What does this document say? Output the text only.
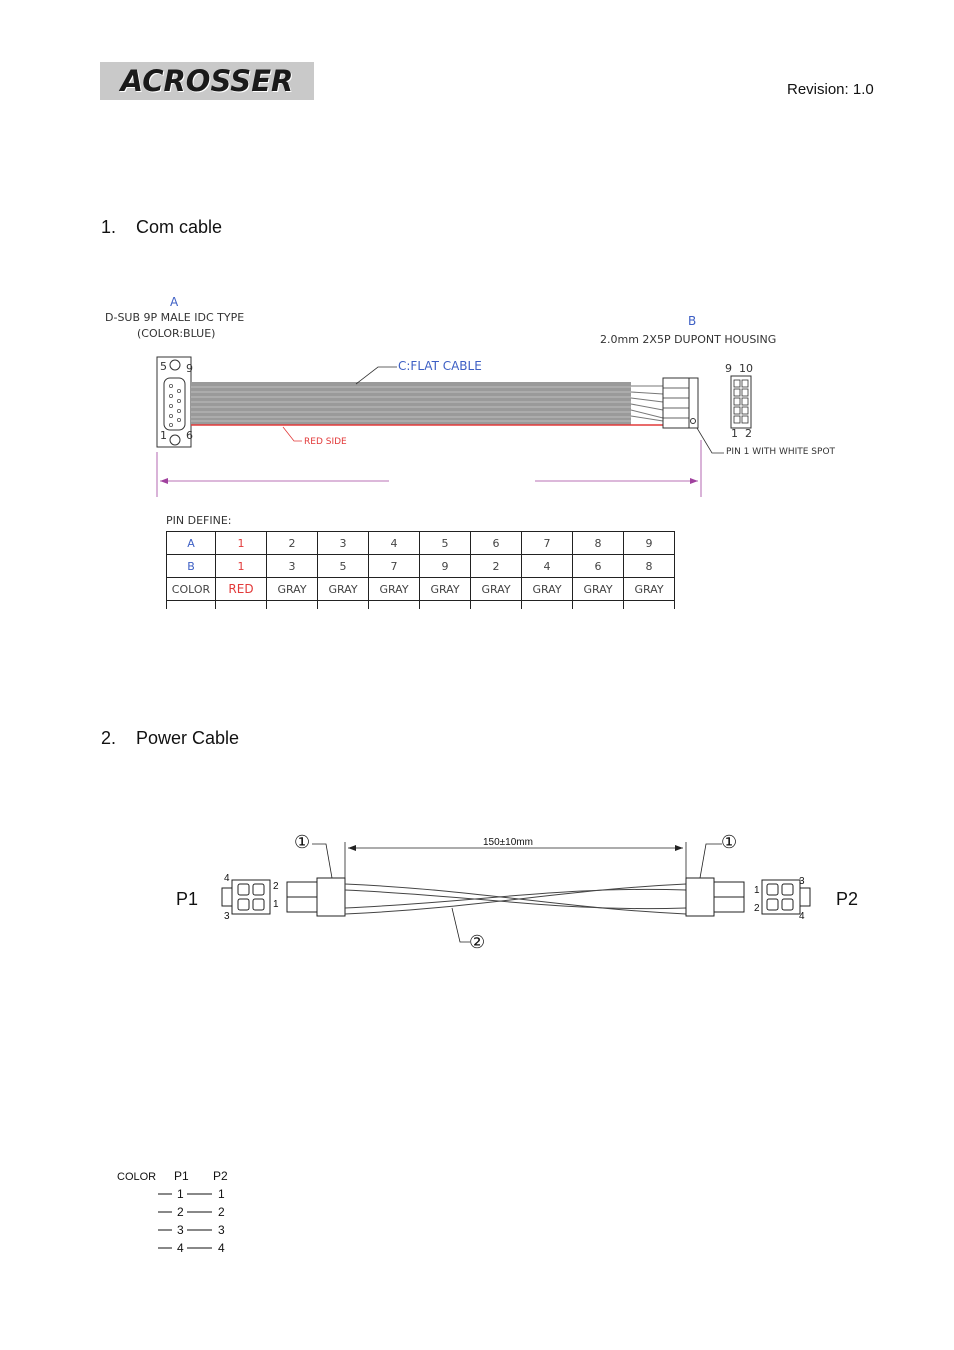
ACROSSER	Revision: 1.0
1. Com cable
A
D-SUB 9P MALE IDC TYPE
(COLOR:BLUE)
B
2.0mm 2X5P DUPONT HOUSING
C:FLAT CABLE
RED SIDE
PIN 1 WITH WHITE SPOT
5 9
1 6
9  10
1  2
PIN DEFINE:
A	1	2	3	4	5	6	7	8	9
B	1	3	5	7	9	2	4	6	8
COLOR	RED	GRAY	GRAY	GRAY	GRAY	GRAY	GRAY	GRAY	GRAY

2. Power Cable
150±10mm
①	①
②
P1	P2
4
2
3
1
3
1
2
4
COLOR P1 P2
1	1
2	2
3	3
4	4
